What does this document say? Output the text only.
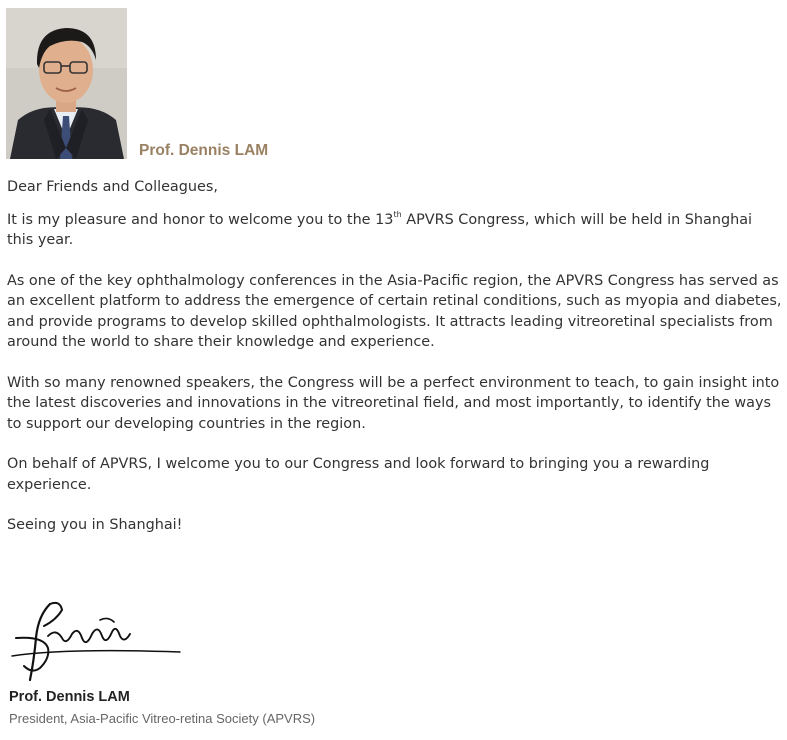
Prof. Dennis LAM

Dear Friends and Colleagues,

It is my pleasure and honor to welcome you to the 13th APVRS Congress, which will be held in Shanghai this year.

As one of the key ophthalmology conferences in the Asia-Pacific region, the APVRS Congress has served as an excellent platform to address the emergence of certain retinal conditions, such as myopia and diabetes, and provide programs to develop skilled ophthalmologists. It attracts leading vitreoretinal specialists from around the world to share their knowledge and experience.

With so many renowned speakers, the Congress will be a perfect environment to teach, to gain insight into the latest discoveries and innovations in the vitreoretinal field, and most importantly, to identify the ways to support our developing countries in the region.

On behalf of APVRS, I welcome you to our Congress and look forward to bringing you a rewarding experience.

Seeing you in Shanghai!

Prof. Dennis LAM
President, Asia-Pacific Vitreo-retina Society (APVRS)
